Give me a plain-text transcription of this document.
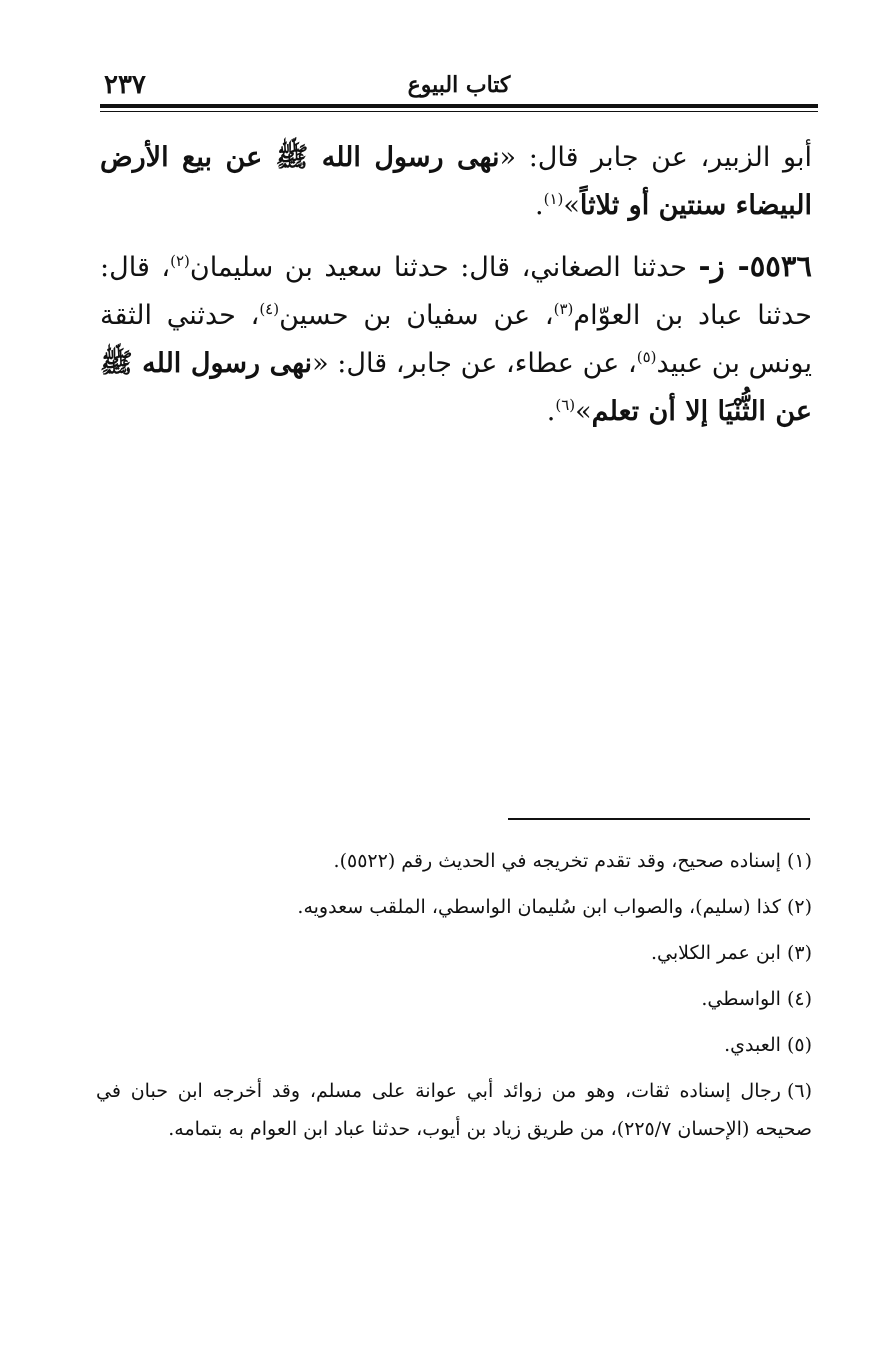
كتاب البيوع
٢٣٧

أبو الزبير، عن جابر قال: «نهى رسول الله ﷺ عن بيع الأرض البيضاء سنتين أو ثلاثاً»$^{(١)}$.

٥٥٣٦- ز- حدثنا الصغاني، قال: حدثنا سعيد بن سليمان$^{(٢)}$، قال: حدثنا عباد بن العوّام$^{(٣)}$، عن سفيان بن حسين$^{(٤)}$، حدثني الثقة يونس بن عبيد$^{(٥)}$، عن عطاء، عن جابر، قال: «نهى رسول الله ﷺ عن الثُّنْيَا إلا أن تعلم»$^{(٦)}$.

(١)إسناده صحيح، وقد تقدم تخريجه في الحديث رقم (٥٥٢٢).
(٢)كذا (سليم)، والصواب ابن سُليمان الواسطي، الملقب سعدويه.
(٣)ابن عمر الكلابي.
(٤)الواسطي.
(٥)العبدي.
(٦)رجال إسناده ثقات، وهو من زوائد أبي عوانة على مسلم، وقد أخرجه ابن حبان في صحيحه (الإحسان ٢٢٥/٧)، من طريق زياد بن أيوب، حدثنا عباد ابن العوام به بتمامه.
